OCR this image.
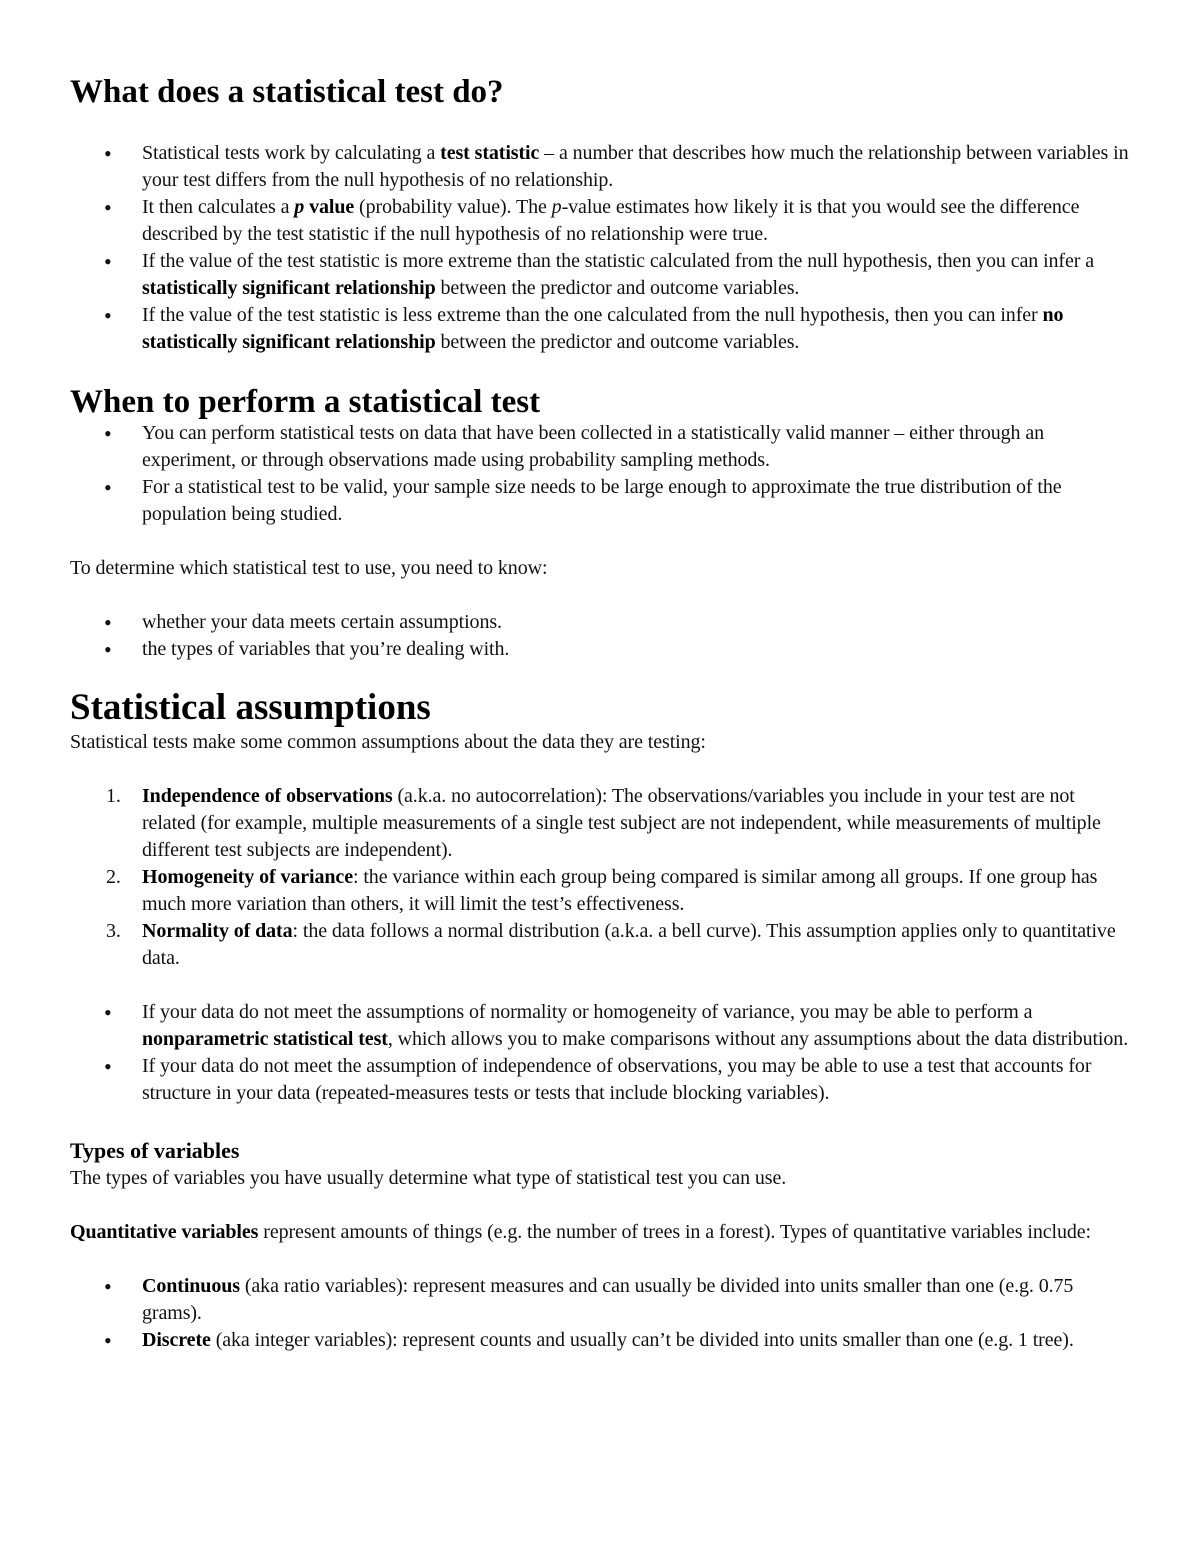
What does a statistical test do?
• Statistical tests work by calculating a test statistic – a number that describes how much the relationship between variables in your test differs from the null hypothesis of no relationship.
• It then calculates a p value (probability value). The p-value estimates how likely it is that you would see the difference described by the test statistic if the null hypothesis of no relationship were true.
• If the value of the test statistic is more extreme than the statistic calculated from the null hypothesis, then you can infer a statistically significant relationship between the predictor and outcome variables.
• If the value of the test statistic is less extreme than the one calculated from the null hypothesis, then you can infer no statistically significant relationship between the predictor and outcome variables.
When to perform a statistical test
• You can perform statistical tests on data that have been collected in a statistically valid manner – either through an experiment, or through observations made using probability sampling methods.
• For a statistical test to be valid, your sample size needs to be large enough to approximate the true distribution of the population being studied.

To determine which statistical test to use, you need to know:

• whether your data meets certain assumptions.
• the types of variables that you’re dealing with.
Statistical assumptions

Statistical tests make some common assumptions about the data they are testing:

1. Independence of observations (a.k.a. no autocorrelation): The observations/variables you include in your test are not related (for example, multiple measurements of a single test subject are not independent, while measurements of multiple different test subjects are independent).
2. Homogeneity of variance: the variance within each group being compared is similar among all groups. If one group has much more variation than others, it will limit the test’s effectiveness.
3. Normality of data: the data follows a normal distribution (a.k.a. a bell curve). This assumption applies only to quantitative data.
• If your data do not meet the assumptions of normality or homogeneity of variance, you may be able to perform a nonparametric statistical test, which allows you to make comparisons without any assumptions about the data distribution.
• If your data do not meet the assumption of independence of observations, you may be able to use a test that accounts for structure in your data (repeated-measures tests or tests that include blocking variables).
Types of variables

The types of variables you have usually determine what type of statistical test you can use.

Quantitative variables represent amounts of things (e.g. the number of trees in a forest). Types of quantitative variables include:

• Continuous (aka ratio variables): represent measures and can usually be divided into units smaller than one (e.g. 0.75 grams).
• Discrete (aka integer variables): represent counts and usually can’t be divided into units smaller than one (e.g. 1 tree).
